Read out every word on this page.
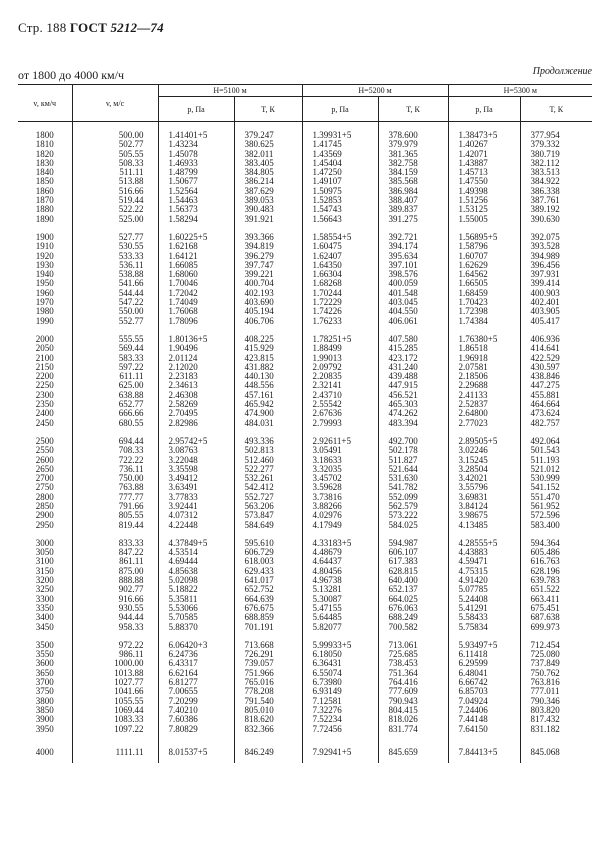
Стр. 188 ГОСТ 5212—74
от 1800 до 4000 км/ч	Продолжение
v, км/ч	v, м/с	H=5100 м		H=5200 м		H=5300 м	
		p, Па	T, К	p, Па	T, К	p, Па	T, К

1800	500.00	1.41401+5	379.247	1.39931+5	378.600	1.38473+5	377.954
1810	502.77	1.43234	380.625	1.41745	379.979	1.40267	379.332
1820	505.55	1.45078	382.011	1.43569	381.365	1.42071	380.719
1830	508.33	1.46933	383.405	1.45404	382.758	1.43887	382.112
1840	511.11	1.48799	384.805	1.47250	384.159	1.45713	383.513
1850	513.88	1.50677	386.214	1.49107	385.568	1.47550	384.922
1860	516.66	1.52564	387.629	1.50975	386.984	1.49398	386.338
1870	519.44	1.54463	389.053	1.52853	388.407	1.51256	387.761
1880	522.22	1.56373	390.483	1.54743	389.837	1.53125	389.192
1890	525.00	1.58294	391.921	1.56643	391.275	1.55005	390.630

1900	527.77	1.60225+5	393.366	1.58554+5	392.721	1.56895+5	392.075
1910	530.55	1.62168	394.819	1.60475	394.174	1.58796	393.528
1920	533.33	1.64121	396.279	1.62407	395.634	1.60707	394.989
1930	536.11	1.66085	397.747	1.64350	397.101	1.62629	396.456
1940	538.88	1.68060	399.221	1.66304	398.576	1.64562	397.931
1950	541.66	1.70046	400.704	1.68268	400.059	1.66505	399.414
1960	544.44	1.72042	402.193	1.70244	401.548	1.68459	400.903
1970	547.22	1.74049	403.690	1.72229	403.045	1.70423	402.401
1980	550.00	1.76068	405.194	1.74226	404.550	1.72398	403.905
1990	552.77	1.78096	406.706	1.76233	406.061	1.74384	405.417

2000	555.55	1.80136+5	408.225	1.78251+5	407.580	1.76380+5	406.936
2050	569.44	1.90496	415.929	1.88499	415.285	1.86518	414.641
2100	583.33	2.01124	423.815	1.99013	423.172	1.96918	422.529
2150	597.22	2.12020	431.882	2.09792	431.240	2.07581	430.597
2200	611.11	2.23183	440.130	2.20835	439.488	2.18506	438.846
2250	625.00	2.34613	448.556	2.32141	447.915	2.29688	447.275
2300	638.88	2.46308	457.161	2.43710	456.521	2.41133	455.881
2350	652.77	2.58269	465.942	2.55542	465.303	2.52837	464.664
2400	666.66	2.70495	474.900	2.67636	474.262	2.64800	473.624
2450	680.55	2.82986	484.031	2.79993	483.394	2.77023	482.757

2500	694.44	2.95742+5	493.336	2.92611+5	492.700	2.89505+5	492.064
2550	708.33	3.08763	502.813	3.05491	502.178	3.02246	501.543
2600	722.22	3.22048	512.460	3.18633	511.827	3.15245	511.193
2650	736.11	3.35598	522.277	3.32035	521.644	3.28504	521.012
2700	750.00	3.49412	532.261	3.45702	531.630	3.42021	530.999
2750	763.88	3.63491	542.412	3.59628	541.782	3.55796	541.152
2800	777.77	3.77833	552.727	3.73816	552.099	3.69831	551.470
2850	791.66	3.92441	563.206	3.88266	562.579	3.84124	561.952
2900	805.55	4.07312	573.847	4.02976	573.222	3.98675	572.596
2950	819.44	4.22448	584.649	4.17949	584.025	4.13485	583.400

3000	833.33	4.37849+5	595.610	4.33183+5	594.987	4.28555+5	594.364
3050	847.22	4.53514	606.729	4.48679	606.107	4.43883	605.486
3100	861.11	4.69444	618.003	4.64437	617.383	4.59471	616.763
3150	875.00	4.85638	629.433	4.80456	628.815	4.75315	628.196
3200	888.88	5.02098	641.017	4.96738	640.400	4.91420	639.783
3250	902.77	5.18822	652.752	5.13281	652.137	5.07785	651.522
3300	916.66	5.35811	664.639	5.30087	664.025	5.24408	663.411
3350	930.55	5.53066	676.675	5.47155	676.063	5.41291	675.451
3400	944.44	5.70585	688.859	5.64485	688.249	5.58433	687.638
3450	958.33	5.88370	701.191	5.82077	700.582	5.75834	699.973

3500	972.22	6.06420+3	713.668	5.99933+5	713.061	5.93497+5	712.454
3550	986.11	6.24736	726.291	6.18050	725.685	6.11418	725.080
3600	1000.00	6.43317	739.057	6.36431	738.453	6.29599	737.849
3650	1013.88	6.62164	751.966	6.55074	751.364	6.48041	750.762
3700	1027.77	6.81277	765.016	6.73980	764.416	6.66742	763.816
3750	1041.66	7.00655	778.208	6.93149	777.609	6.85703	777.011
3800	1055.55	7.20299	791.540	7.12581	790.943	7.04924	790.346
3850	1069.44	7.40210	805.010	7.32276	804.415	7.24406	803.820
3900	1083.33	7.60386	818.620	7.52234	818.026	7.44148	817.432
3950	1097.22	7.80829	832.366	7.72456	831.774	7.64150	831.182

4000	1111.11	8.01537+5	846.249	7.92941+5	845.659	7.84413+5	845.068
